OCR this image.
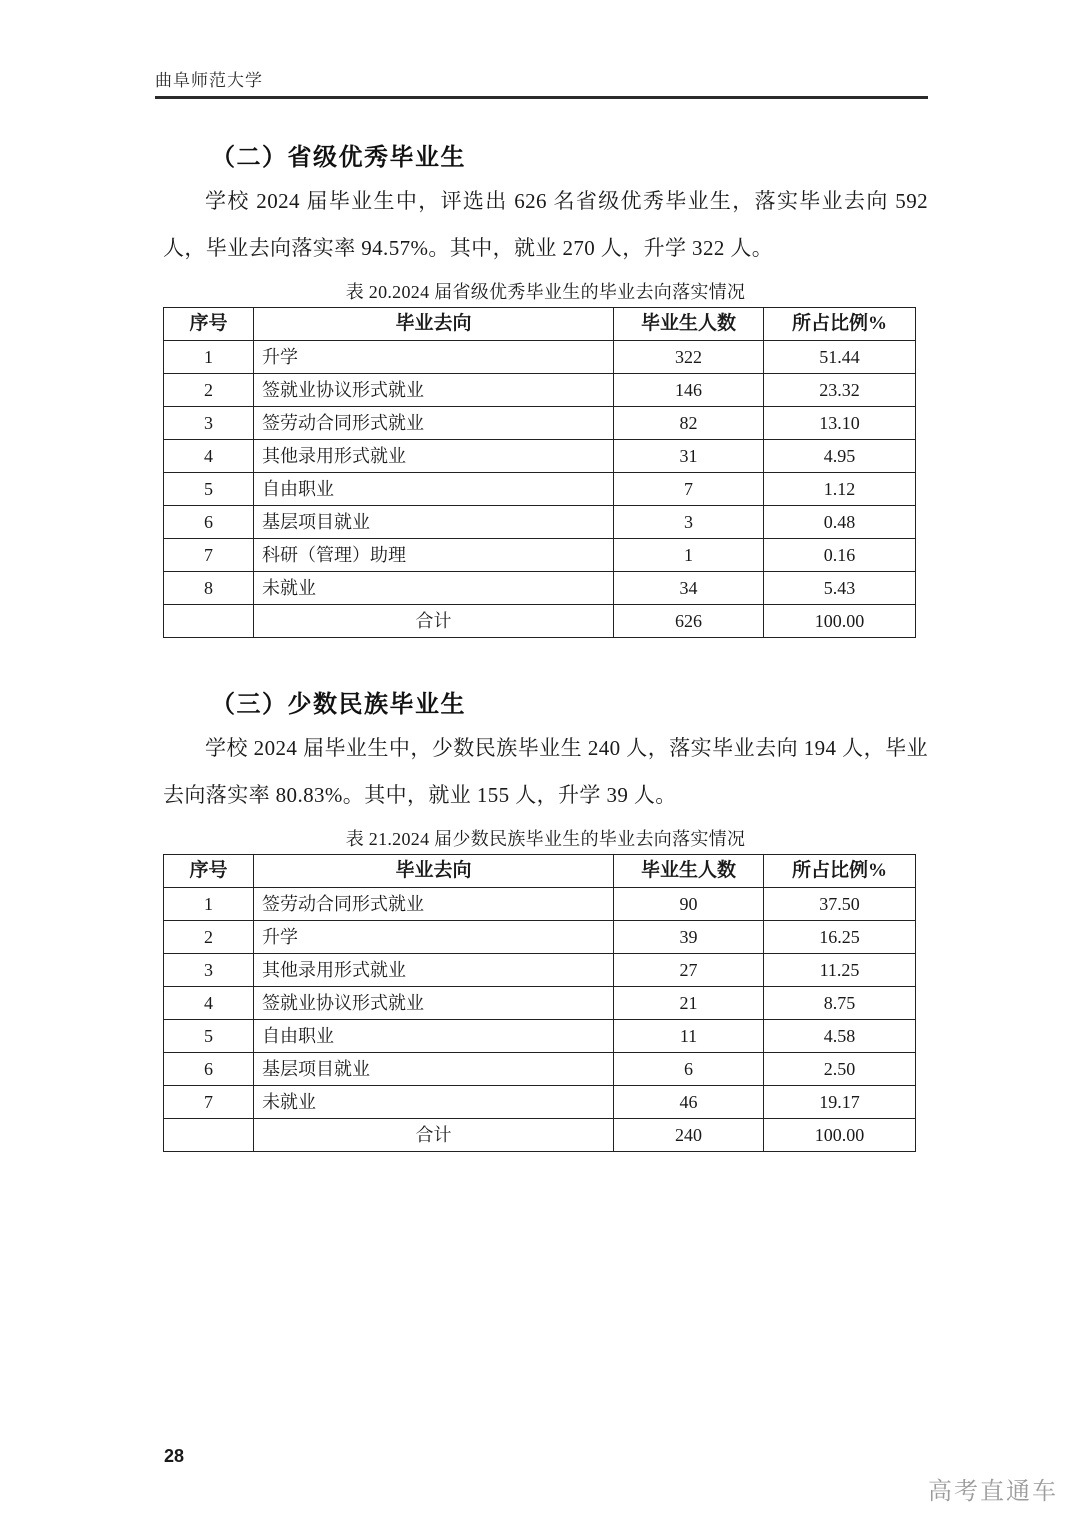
曲阜师范大学
（二）省级优秀毕业生

学校 2024 届毕业生中，评选出 626 名省级优秀毕业生，落实毕业去向 592 人，毕业去向落实率 94.57%。其中，就业 270 人，升学 322 人。

表 20.2024 届省级优秀毕业生的毕业去向落实情况
序号	毕业去向	毕业生人数	所占比例%
1	升学	322	51.44
2	签就业协议形式就业	146	23.32
3	签劳动合同形式就业	82	13.10
4	其他录用形式就业	31	4.95
5	自由职业	7	1.12
6	基层项目就业	3	0.48
7	科研（管理）助理	1	0.16
8	未就业	34	5.43
	合计	626	100.00
（三）少数民族毕业生

学校 2024 届毕业生中，少数民族毕业生 240 人，落实毕业去向 194 人，毕业去向落实率 80.83%。其中，就业 155 人，升学 39 人。

表 21.2024 届少数民族毕业生的毕业去向落实情况
序号	毕业去向	毕业生人数	所占比例%
1	签劳动合同形式就业	90	37.50
2	升学	39	16.25
3	其他录用形式就业	27	11.25
4	签就业协议形式就业	21	8.75
5	自由职业	11	4.58
6	基层项目就业	6	2.50
7	未就业	46	19.17
	合计	240	100.00
28
高考直通车
